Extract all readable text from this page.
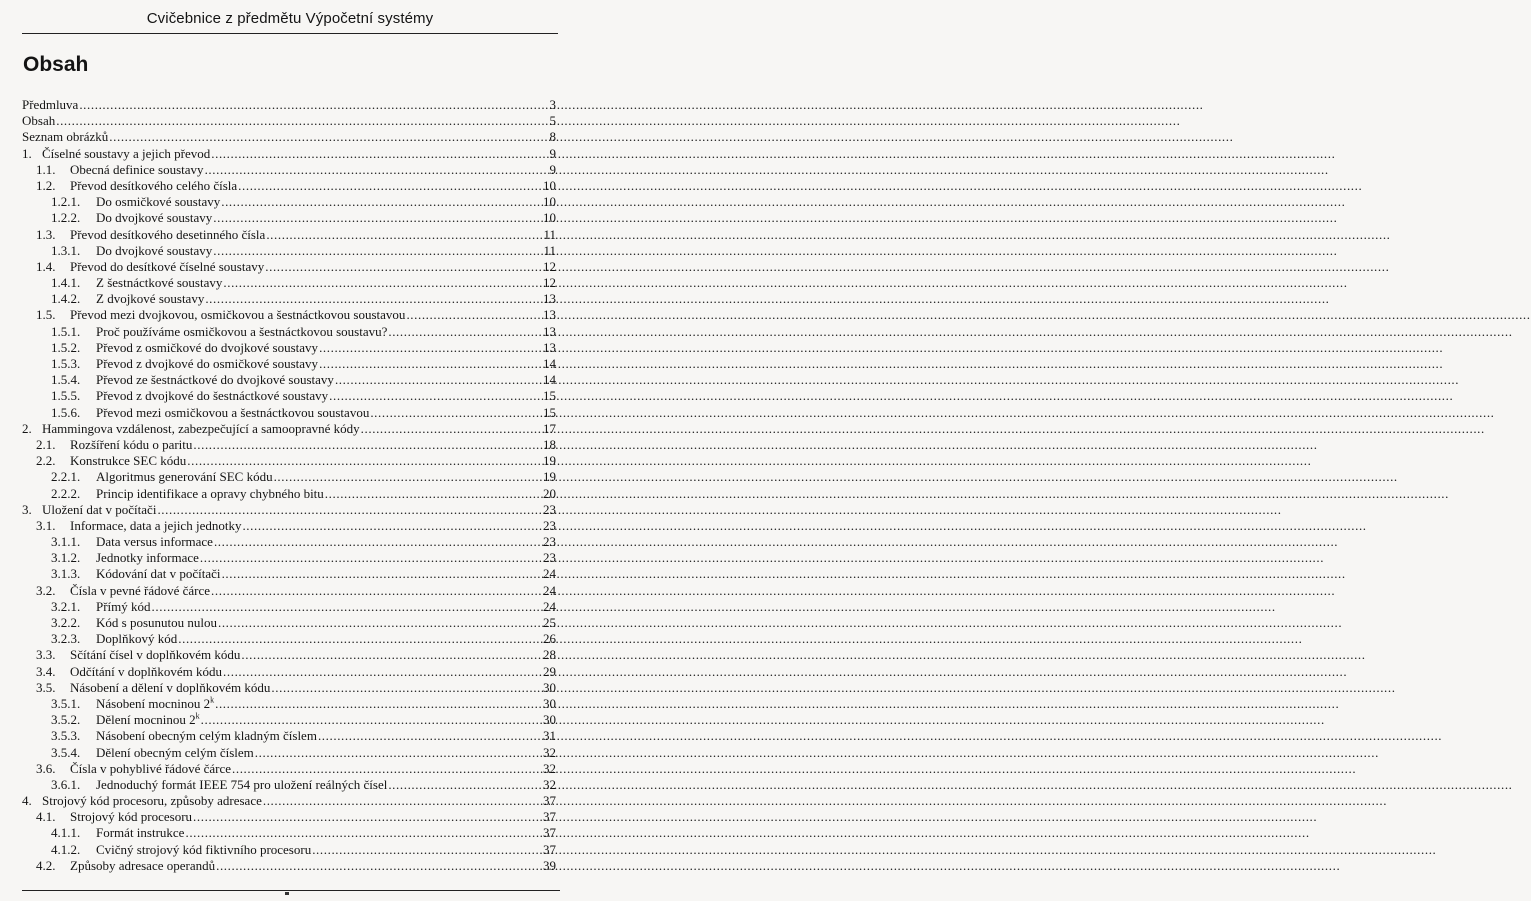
Cvičebnice z předmětu Výpočetní systémy
Obsah
Předmluva .....	3
Obsah .....	5
Seznam obrázků .....	8
1. Číselné soustavy a jejich převod .....	9
1.1.	Obecná definice soustavy .....	9
1.2.	Převod desítkového celého čísla .....	10
1.2.1.	Do osmičkové soustavy .....	10
1.2.2.	Do dvojkové soustavy .....	10
1.3.	Převod desítkového desetinného čísla .....	11
1.3.1.	Do dvojkové soustavy .....	11
1.4.	Převod do desítkové číselné soustavy .....	12
1.4.1.	Z šestnáctkové soustavy .....	12
1.4.2.	Z dvojkové soustavy .....	13
1.5.	Převod mezi dvojkovou, osmičkovou a šestnáctkovou soustavou .....	13
1.5.1.	Proč používáme osmičkovou a šestnáctkovou soustavu? .....	13
1.5.2.	Převod z osmičkové do dvojkové soustavy .....	13
1.5.3.	Převod z dvojkové do osmičkové soustavy .....	14
1.5.4.	Převod ze šestnáctkové do dvojkové soustavy .....	14
1.5.5.	Převod z dvojkové do šestnáctkové soustavy .....	15
1.5.6.	Převod mezi osmičkovou a šestnáctkovou soustavou .....	15
2. Hammingova vzdálenost, zabezpečující a samoopravné kódy .....	17
2.1.	Rozšíření kódu o paritu .....	18
2.2.	Konstrukce SEC kódu .....	19
2.2.1.	Algoritmus generování SEC kódu .....	19
2.2.2.	Princip identifikace a opravy chybného bitu .....	20
3. Uložení dat v počítači .....	23
3.1.	Informace, data a jejich jednotky .....	23
3.1.1.	Data versus informace .....	23
3.1.2.	Jednotky informace .....	23
3.1.3.	Kódování dat v počítači .....	24
3.2.	Čísla v pevné řádové čárce .....	24
3.2.1.	Přímý kód .....	24
3.2.2.	Kód s posunutou nulou .....	25
3.2.3.	Doplňkový kód .....	26
3.3.	Sčítání čísel v doplňkovém kódu .....	28
3.4.	Odčítání v doplňkovém kódu .....	29
3.5.	Násobení a dělení v doplňkovém kódu .....	30
3.5.1.	Násobení mocninou 2$^k$ .....	30
3.5.2.	Dělení mocninou 2$^k$ .....	30
3.5.3.	Násobení obecným celým kladným číslem .....	31
3.5.4.	Dělení obecným celým číslem .....	32
3.6.	Čísla v pohyblivé řádové čárce .....	32
3.6.1.	Jednoduchý formát IEEE 754 pro uložení reálných čísel .....	32
4. Strojový kód procesoru, způsoby adresace .....	37
4.1.	Strojový kód procesoru .....	37
4.1.1.	Formát instrukce .....	37
4.1.2.	Cvičný strojový kód fiktivního procesoru .....	37
4.2.	Způsoby adresace operandů .....	39
